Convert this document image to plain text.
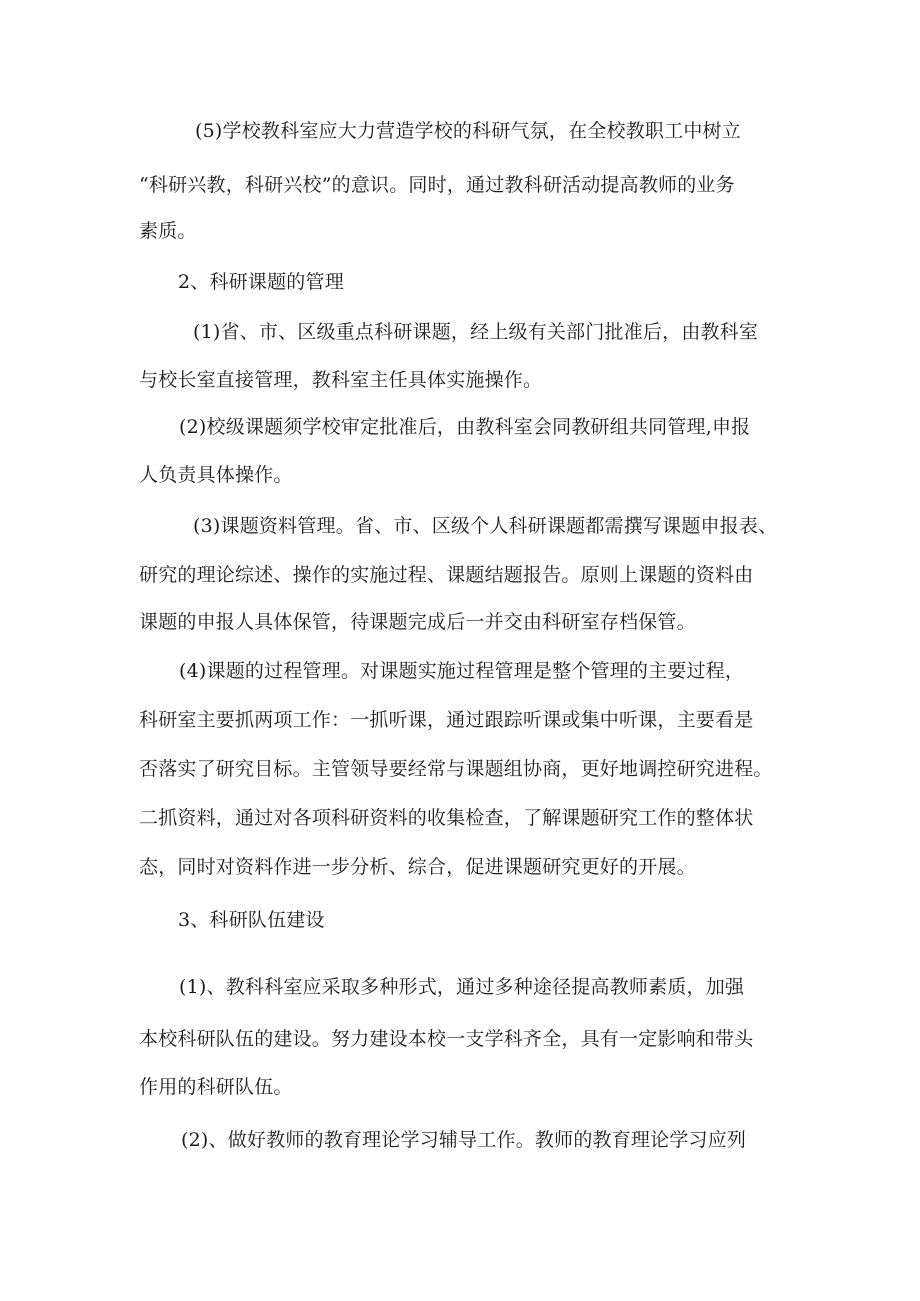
(5)学校教科室应大力营造学校的科研气氛，在全校教职工中树立
“科研兴教，科研兴校”的意识。同时，通过教科研活动提高教师的业务
素质。
2、科研课题的管理
(1)省、市、区级重点科研课题，经上级有关部门批准后，由教科室
与校长室直接管理，教科室主任具体实施操作。
(2)校级课题须学校审定批准后，由教科室会同教研组共同管理,申报
人负责具体操作。
(3)课题资料管理。省、市、区级个人科研课题都需撰写课题申报表、
研究的理论综述、操作的实施过程、课题结题报告。原则上课题的资料由
课题的申报人具体保管，待课题完成后一并交由科研室存档保管。
(4)课题的过程管理。对课题实施过程管理是整个管理的主要过程，
科研室主要抓两项工作：一抓听课，通过跟踪听课或集中听课，主要看是
否落实了研究目标。主管领导要经常与课题组协商，更好地调控研究进程。
二抓资料，通过对各项科研资料的收集检查，了解课题研究工作的整体状
态，同时对资料作进一步分析、综合，促进课题研究更好的开展。
3、科研队伍建设
(1)、教科科室应采取多种形式，通过多种途径提高教师素质，加强
本校科研队伍的建设。努力建设本校一支学科齐全，具有一定影响和带头
作用的科研队伍。
(2)、做好教师的教育理论学习辅导工作。教师的教育理论学习应列
